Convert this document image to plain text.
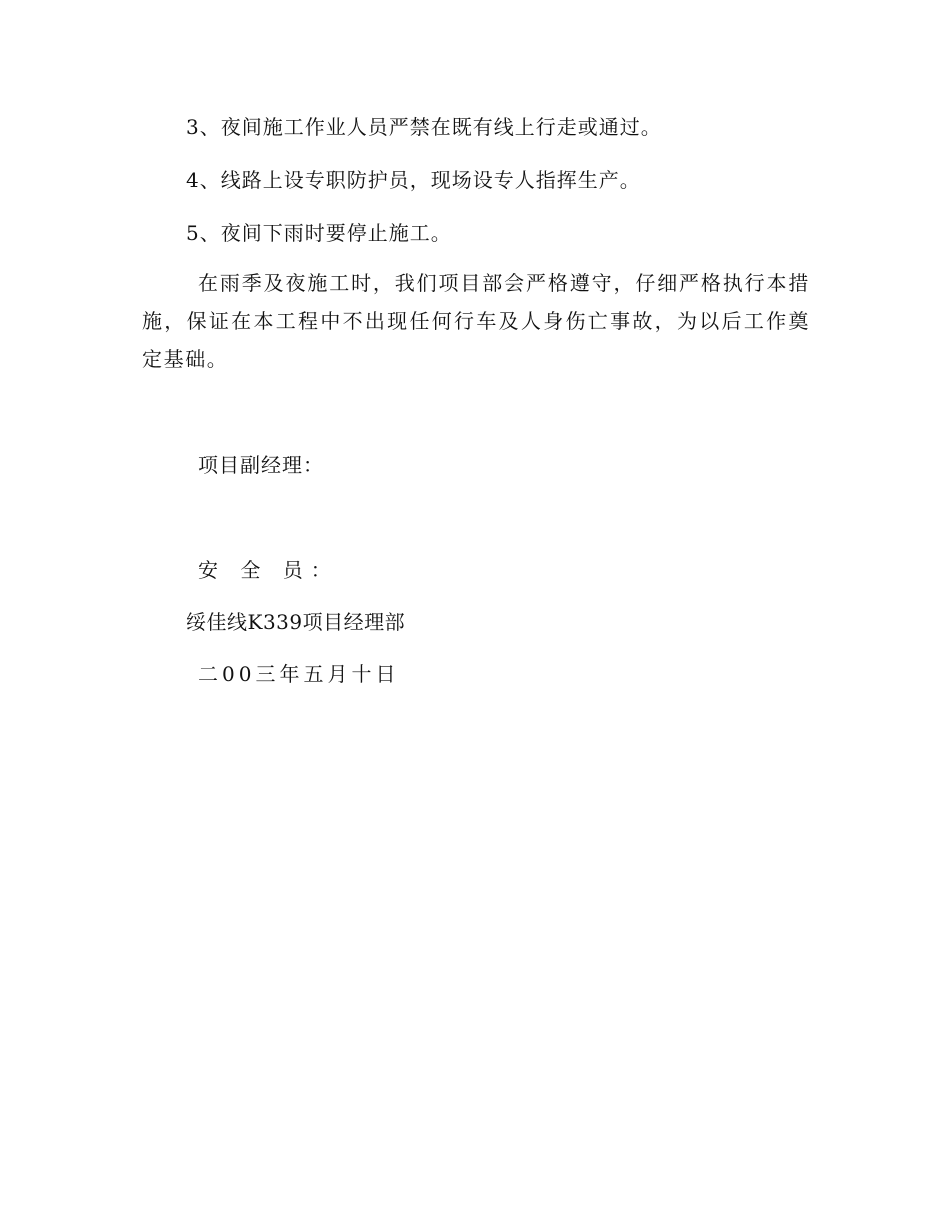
3、夜间施工作业人员严禁在既有线上行走或通过。
4、线路上设专职防护员，现场设专人指挥生产。
5、夜间下雨时要停止施工。
在雨季及夜施工时，我们项目部会严格遵守，仔细严格执行本措施，保证在本工程中不出现任何行车及人身伤亡事故，为以后工作奠定基础。
项目副经理：
安 全 员：
绥佳线K339项目经理部
二00三年五月十日
